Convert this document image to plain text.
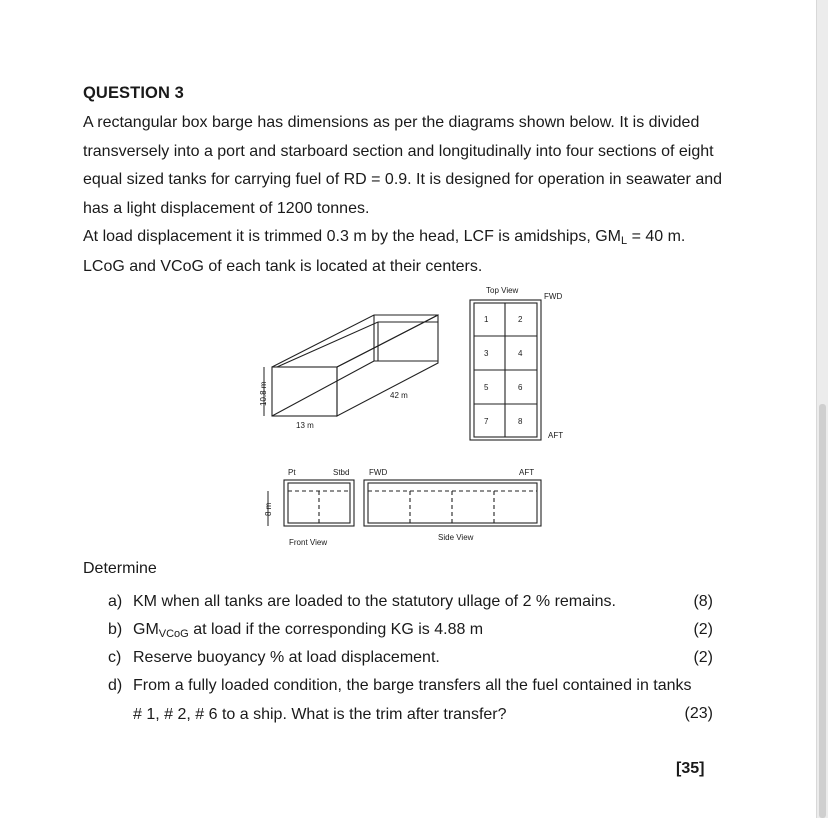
QUESTION 3

A rectangular box barge has dimensions as per the diagrams shown below. It is divided

transversely into a port and starboard section and longitudinally into four sections of eight

equal sized tanks for carrying fuel of RD = 0.9. It is designed for operation in seawater and

has a light displacement of 1200 tonnes.

At load displacement it is trimmed 0.3 m by the head, LCF is amidships, $GM_L = 40$ m.

LCoG and VCoG of each tank is located at their centers.

10.8 m
13 m
42 m
Top View
FWD
AFT
1	2
3	4
5	6
7	8
Pt	Stbd
8 m
Front View
FWD	AFT
Side View
Determine
a) KM when all tanks are loaded to the statutory ullage of 2 % remains.	(8)
b) $GM_{VCoG}$ at load if the corresponding KG is 4.88 m	(2)
c) Reserve buoyancy % at load displacement.	(2)
d) From a fully loaded condition, the barge transfers all the fuel contained in tanks
# 1, # 2, # 6 to a ship. What is the trim after transfer?	(23)
[35]
